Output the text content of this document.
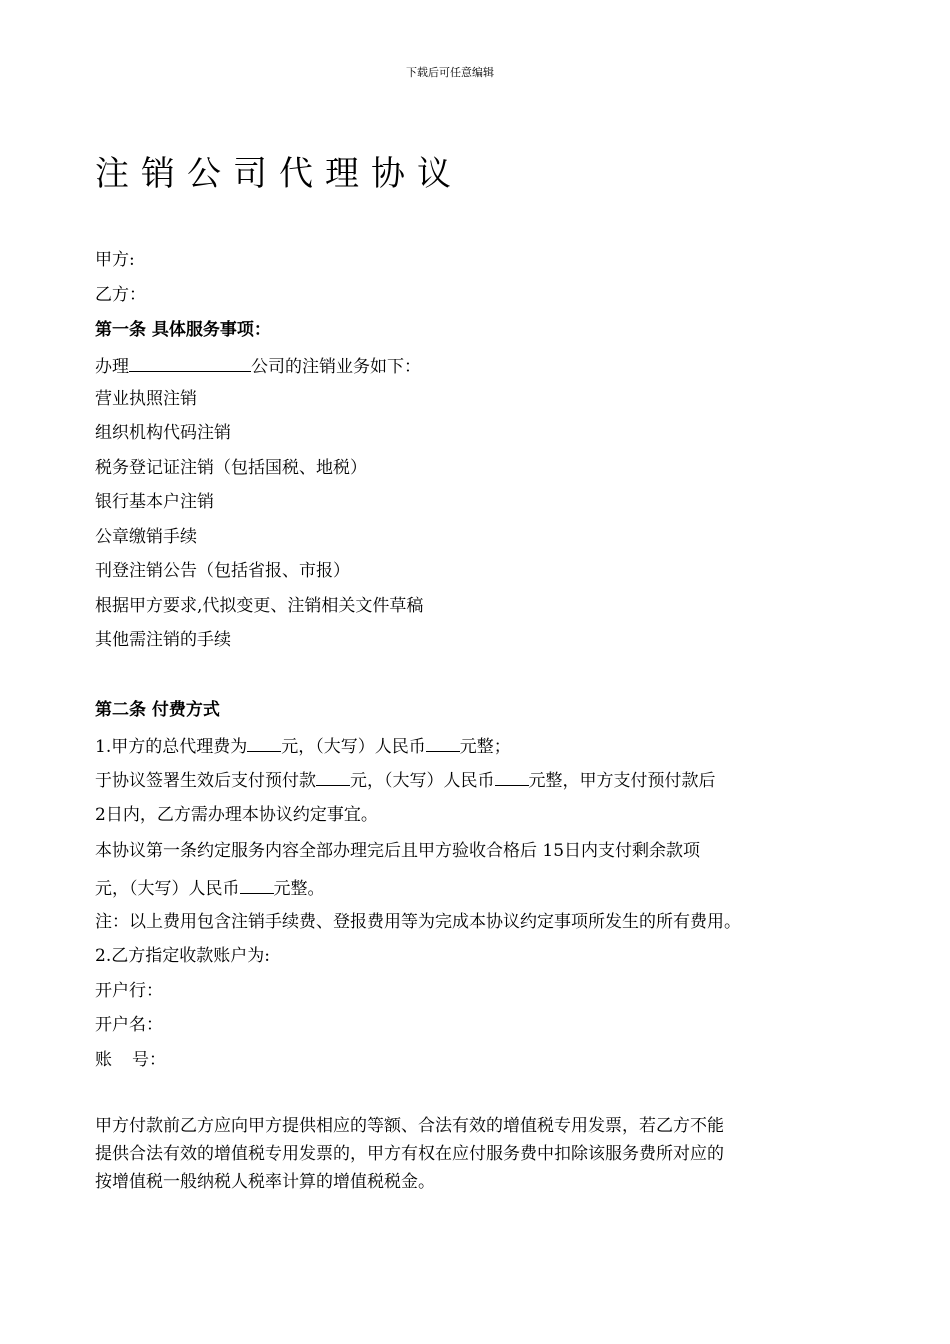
下载后可任意编辑
注销公司代理协议
甲方:
乙方：
第一条 具体服务事项：
办理	公司的注销业务如下：
营业执照注销
组织机构代码注销
税务登记证注销（包括国税、地税）
银行基本户注销
公章缴销手续
刊登注销公告（包括省报、市报）
根据甲方要求,代拟变更、注销相关文件草稿
其他需注销的手续
第二条 付费方式
1.甲方的总代理费为 元，（大写）人民币 元整；
于协议签署生效后支付预付款 元，（大写）人民币 元整，甲方支付预付款后
2日内，乙方需办理本协议约定事宜。
本协议第一条约定服务内容全部办理完后且甲方验收合格后 15日内支付剩余款项
元，（大写）人民币 元整。
注：以上费用包含注销手续费、登报费用等为完成本协议约定事项所发生的所有费用。
2.乙方指定收款账户为:
开户行：
开户名：
账号：
甲方付款前乙方应向甲方提供相应的等额、合法有效的增值税专用发票，若乙方不能
提供合法有效的增值税专用发票的，甲方有权在应付服务费中扣除该服务费所对应的
按增值税一般纳税人税率计算的增值税税金。
